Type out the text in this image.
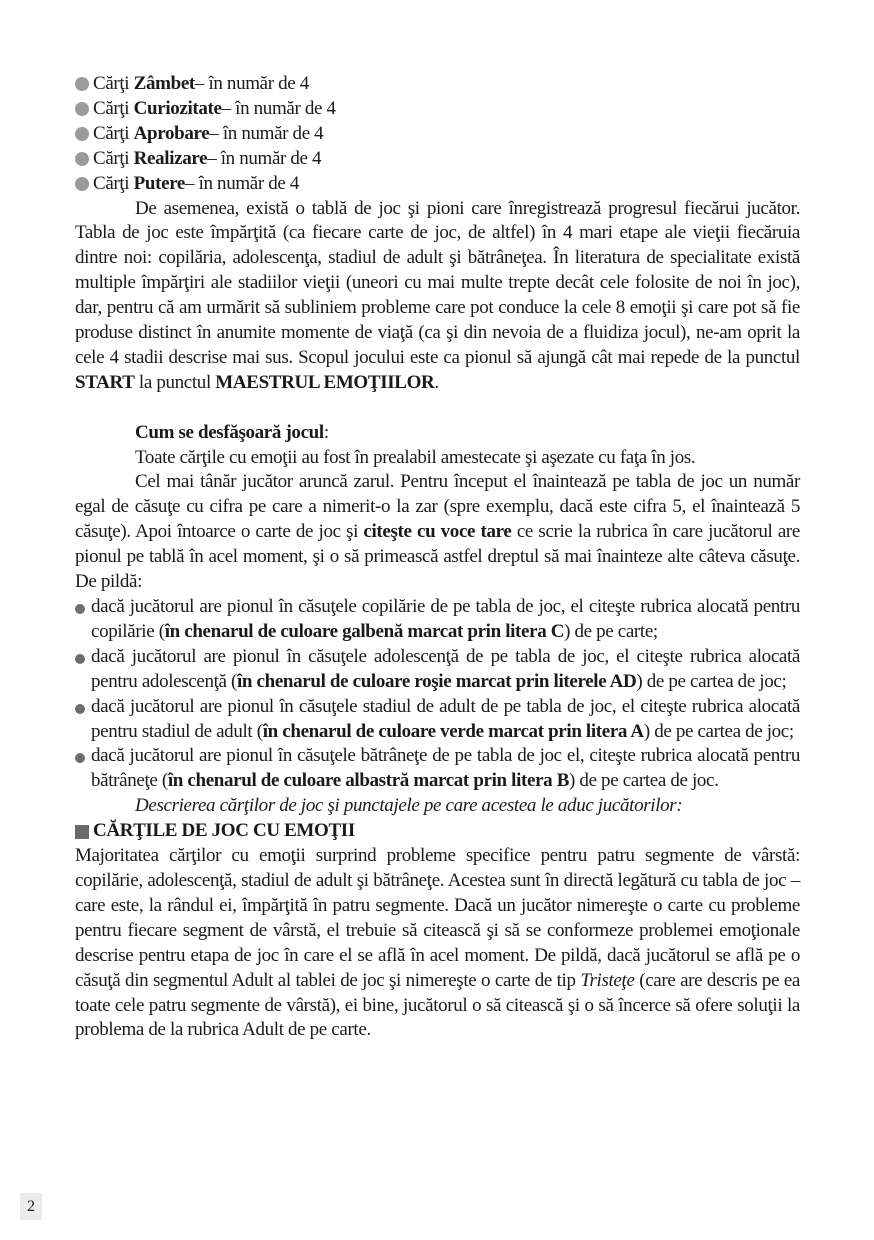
Cărţi
Zâmbet – în număr de 4
Cărţi
Curiozitate – în număr de 4
Cărţi
Aprobare – în număr de 4
Cărţi
Realizare – în număr de 4
Cărţi
Putere – în număr de 4

De asemenea, există o tablă de joc şi pioni care înregistrează progresul fiecărui jucător. Tabla de joc este împărţită (ca fiecare carte de joc, de altfel) în 4 mari etape ale vieţii fiecăruia dintre noi: copilăria, adolescenţa, stadiul de adult şi bătrâneţea. În literatura de specialitate există multiple împărţiri ale stadiilor vieţii (uneori cu mai multe trepte decât cele folosite de noi în joc), dar, pentru că am urmărit să subliniem probleme care pot conduce la cele 8 emoţii şi care pot să fie produse distinct în anumite momente de viaţă (ca şi din nevoia de a fluidiza jocul), ne-am oprit la cele 4 stadii descrise mai sus. Scopul jocului este ca pionul să ajungă cât mai repede de la punctul START la punctul MAESTRUL EMOŢIILOR.

Cum se desfăşoară jocul:

Toate cărţile cu emoţii au fost în prealabil amestecate şi aşezate cu faţa în jos.

Cel mai tânăr jucător aruncă zarul. Pentru început el înaintează pe tabla de joc un număr egal de căsuţe cu cifra pe care a nimerit-o la zar (spre exemplu, dacă este cifra 5, el înaintează 5 căsuţe). Apoi întoarce o carte de joc şi citeşte cu voce tare ce scrie la rubrica în care jucătorul are pionul pe tablă în acel moment, şi o să primească astfel dreptul să mai înainteze alte câteva căsuţe. De pildă:

dacă jucătorul are pionul în căsuţele copilărie de pe tabla de joc, el citeşte rubrica alocată pentru copilărie (în chenarul de culoare galbenă marcat prin litera C) de pe carte;
dacă jucătorul are pionul în căsuţele adolescenţă de pe tabla de joc, el citeşte rubrica alocată pentru adolescenţă (în chenarul de culoare roşie marcat prin literele AD) de pe cartea de joc;
dacă jucătorul are pionul în căsuţele stadiul de adult de pe tabla de joc, el citeşte rubrica alocată pentru stadiul de adult (în chenarul de culoare verde marcat prin litera A) de pe cartea de joc;
dacă jucătorul are pionul în căsuţele bătrâneţe de pe tabla de joc el, citeşte rubrica alocată pentru bătrâneţe (în chenarul de culoare albastră marcat prin litera B) de pe cartea de joc.

Descrierea cărţilor de joc şi punctajele pe care acestea le aduc jucătorilor:

CĂRŢILE DE JOC CU EMOŢII

Majoritatea cărţilor cu emoţii surprind probleme specifice pentru patru segmente de vârstă: copilărie, adolescenţă, stadiul de adult şi bătrâneţe. Acestea sunt în directă legătură cu tabla de joc – care este, la rândul ei, împărţită în patru segmente. Dacă un jucător nimereşte o carte cu probleme pentru fiecare segment de vârstă, el trebuie să citească şi să se conformeze problemei emoţionale descrise pentru etapa de joc în care el se află în acel moment. De pildă, dacă jucătorul se află pe o căsuţă din segmentul Adult al tablei de joc şi nimereşte o carte de tip Tristeţe (care are descris pe ea toate cele patru segmente de vârstă), ei bine, jucătorul o să citească şi o să încerce să ofere soluţii la problema de la rubrica Adult de pe carte.

2
